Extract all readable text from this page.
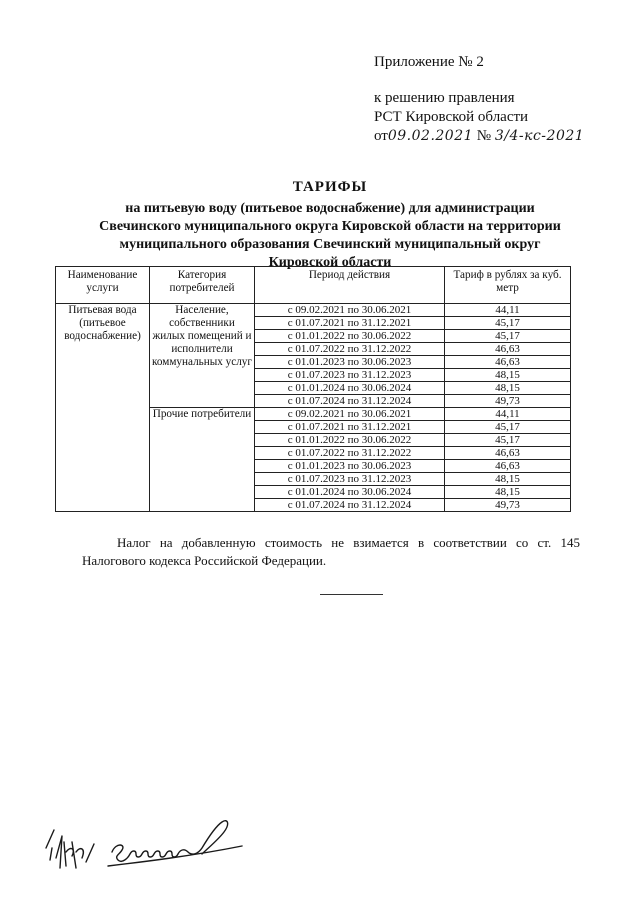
Приложение № 2
к решению правления
РСТ Кировской области
от09.02.2021 № 3/4-кс-2021
ТАРИФЫ
на питьевую воду (питьевое водоснабжение) для администрации
Свечинского муниципального округа Кировской области на территории
муниципального образования Свечинский муниципальный округ
Кировской области
Наименование услуги	Категория потребителей	Период действия	Тариф в рублях за куб. метр
Питьевая вода (питьевое водоснабжение)	Население, собственники жилых помещений и исполнители коммунальных услуг	с 09.02.2021 по 30.06.2021	44,11
		с 01.07.2021 по 31.12.2021	45,17
		с 01.01.2022 по 30.06.2022	45,17
		с 01.07.2022 по 31.12.2022	46,63
		с 01.01.2023 по 30.06.2023	46,63
		с 01.07.2023 по 31.12.2023	48,15
		с 01.01.2024 по 30.06.2024	48,15
		с 01.07.2024 по 31.12.2024	49,73
	Прочие потребители	с 09.02.2021 по 30.06.2021	44,11
		с 01.07.2021 по 31.12.2021	45,17
		с 01.01.2022 по 30.06.2022	45,17
		с 01.07.2022 по 31.12.2022	46,63
		с 01.01.2023 по 30.06.2023	46,63
		с 01.07.2023 по 31.12.2023	48,15
		с 01.01.2024 по 30.06.2024	48,15
		с 01.07.2024 по 31.12.2024	49,73
Налог на добавленную стоимость не взимается в соответствии со ст. 145
Налогового кодекса Российской Федерации.
